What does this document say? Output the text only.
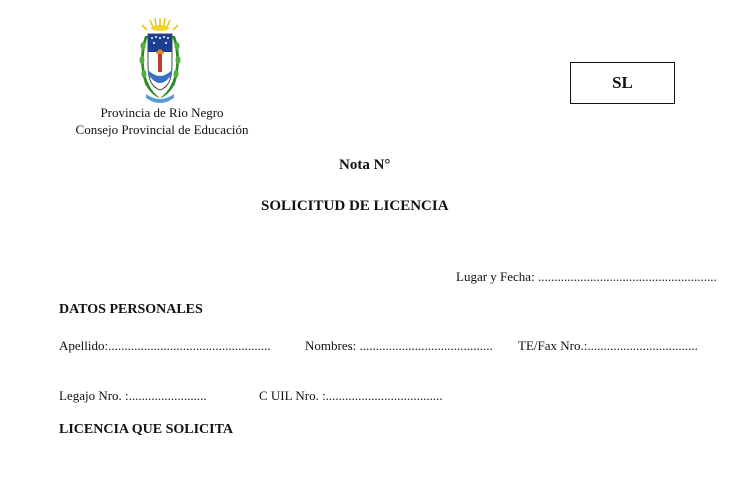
Provincia de Rio Negro
Consejo Provincial de Educación
SL
Nota N°
SOLICITUD DE LICENCIA
Lugar y Fecha: .......................................................
DATOS PERSONALES
Apellido:..................................................	Nombres: ......................................... TE/Fax Nro.:..................................
Legajo Nro. :........................	C UIL Nro. :....................................
LICENCIA QUE SOLICITA
